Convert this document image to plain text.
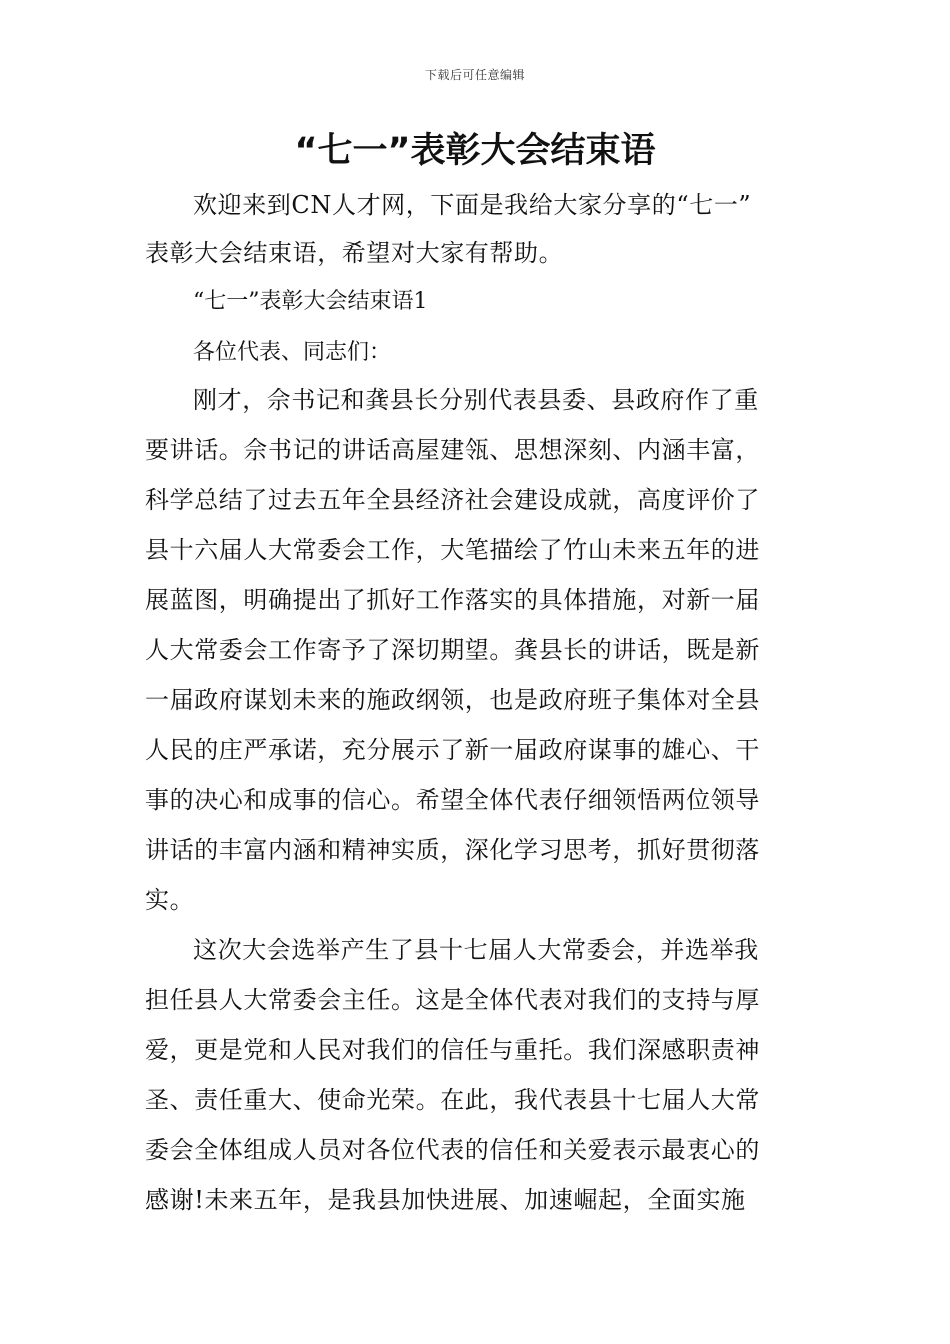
下载后可任意编辑
“七一”表彰大会结束语
欢迎来到CN人才网，下面是我给大家分享的“七一”
表彰大会结束语，希望对大家有帮助。
“七一”表彰大会结束语1
各位代表、同志们：
刚才，佘书记和龚县长分别代表县委、县政府作了重
要讲话。佘书记的讲话高屋建瓴、思想深刻、内涵丰富，
科学总结了过去五年全县经济社会建设成就，高度评价了
县十六届人大常委会工作，大笔描绘了竹山未来五年的进
展蓝图，明确提出了抓好工作落实的具体措施，对新一届
人大常委会工作寄予了深切期望。龚县长的讲话，既是新
一届政府谋划未来的施政纲领，也是政府班子集体对全县
人民的庄严承诺，充分展示了新一届政府谋事的雄心、干
事的决心和成事的信心。希望全体代表仔细领悟两位领导
讲话的丰富内涵和精神实质，深化学习思考，抓好贯彻落
实。
这次大会选举产生了县十七届人大常委会，并选举我
担任县人大常委会主任。这是全体代表对我们的支持与厚
爱，更是党和人民对我们的信任与重托。我们深感职责神
圣、责任重大、使命光荣。在此，我代表县十七届人大常
委会全体组成人员对各位代表的信任和关爱表示最衷心的
感谢!未来五年，是我县加快进展、加速崛起，全面实施
